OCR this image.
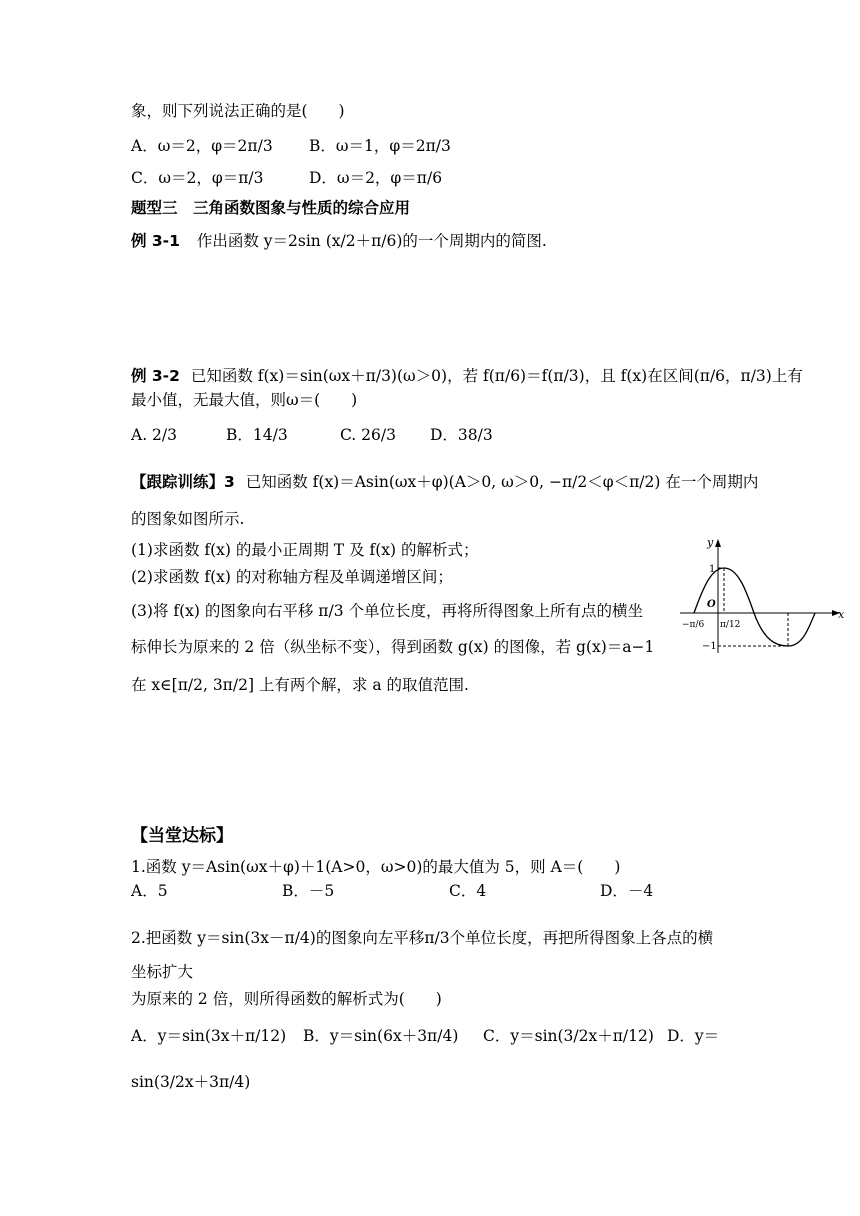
象，则下列说法正确的是(　　)
A．ω＝2，φ＝2π/3 B．ω＝1，φ＝2π/3
C．ω＝2，φ＝π/3	D．ω＝2，φ＝π/6
题型三　三角函数图象与性质的综合应用
例 3-1 作出函数 y＝2sin (x/2＋π/6)的一个周期内的简图.
例 3-2 已知函数 f(x)＝sin(ωx＋π/3)(ω＞0)，若 f(π/6)＝f(π/3)，且 f(x)在区间(π/6，π/3)上有
最小值，无最大值，则ω＝(　　)
A. 2/3	B．14/3	C. 26/3 D．38/3
【跟踪训练】3 已知函数 f(x)＝Asin(ωx＋φ)(A＞0, ω＞0, −π/2＜φ＜π/2) 在一个周期内
的图象如图所示.
(1)求函数 f(x) 的最小正周期 T 及 f(x) 的解析式；
(2)求函数 f(x) 的对称轴方程及单调递增区间；
(3)将 f(x) 的图象向右平移 π/3 个单位长度，再将所得图象上所有点的横坐
标伸长为原来的 2 倍（纵坐标不变），得到函数 g(x) 的图像，若 g(x)＝a−1
在 x∈[π/2, 3π/2] 上有两个解，求 a 的取值范围.
y
x
O
1
−1
−π/6 π/12
【当堂达标】
1.函数 y＝Asin(ωx＋φ)＋1(A>0，ω>0)的最大值为 5，则 A＝(　　)
A．5	B．－5	C．4	D．－4
2.把函数 y＝sin(3x－π/4)的图象向左平移π/3个单位长度，再把所得图象上各点的横
坐标扩大
为原来的 2 倍，则所得函数的解析式为(　　)
A．y＝sin(3x＋π/12) B．y＝sin(6x＋3π/4) C．y＝sin(3/2x＋π/12) D．y＝
sin(3/2x＋3π/4)
